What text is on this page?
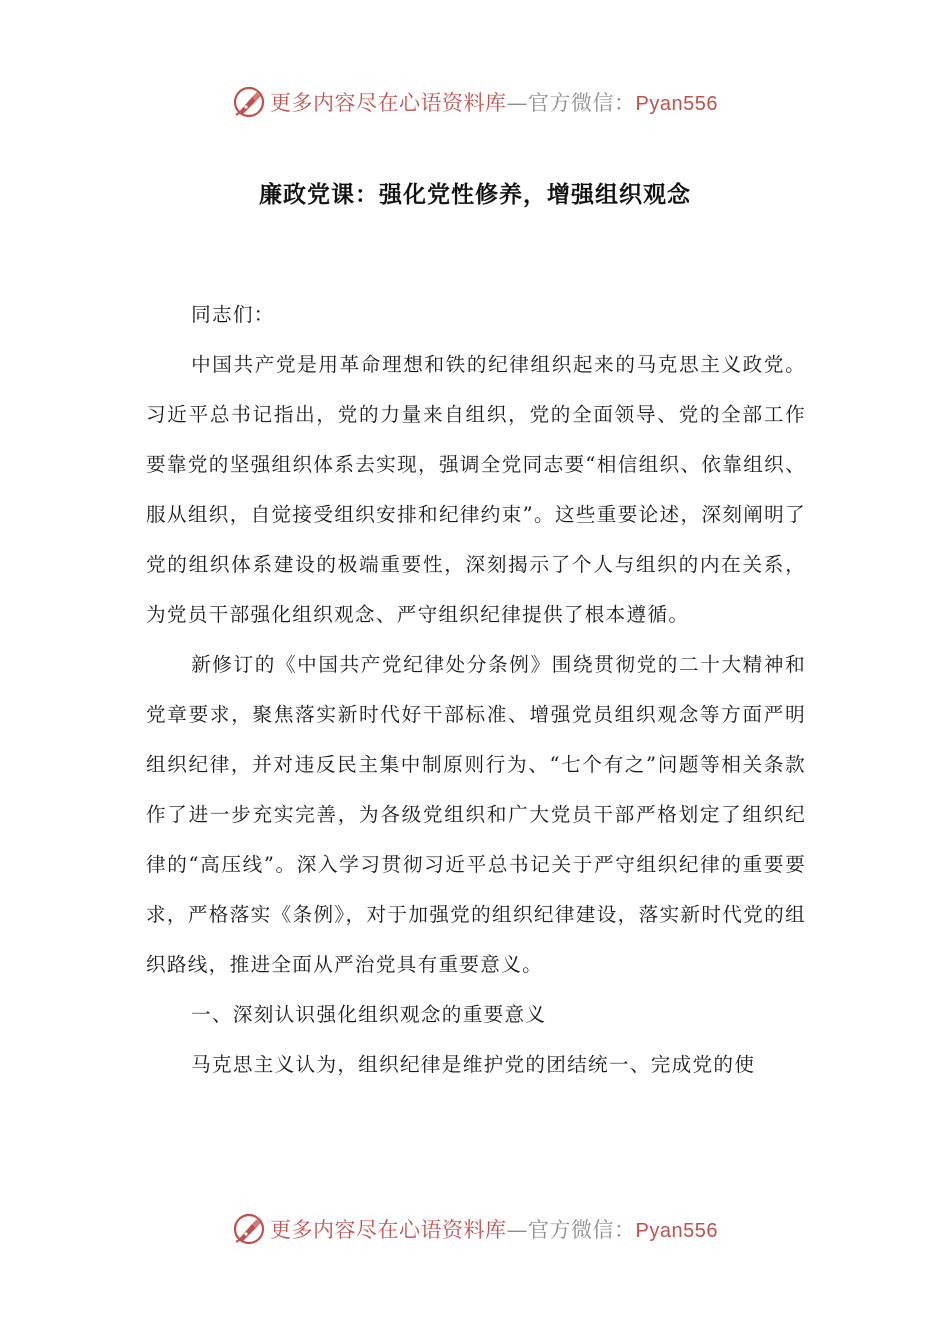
更多内容尽在心语资料库—官方微信：Pyan556
廉政党课：强化党性修养，增强组织观念

同志们：

中国共产党是用革命理想和铁的纪律组织起来的马克思主义政党。习近平总书记指出，党的力量来自组织，党的全面领导、党的全部工作要靠党的坚强组织体系去实现，强调全党同志要“相信组织、依靠组织、服从组织，自觉接受组织安排和纪律约束”。这些重要论述，深刻阐明了党的组织体系建设的极端重要性，深刻揭示了个人与组织的内在关系，为党员干部强化组织观念、严守组织纪律提供了根本遵循。

新修订的《中国共产党纪律处分条例》围绕贯彻党的二十大精神和党章要求，聚焦落实新时代好干部标准、增强党员组织观念等方面严明组织纪律，并对违反民主集中制原则行为、“七个有之”问题等相关条款作了进一步充实完善，为各级党组织和广大党员干部严格划定了组织纪律的“高压线”。深入学习贯彻习近平总书记关于严守组织纪律的重要要求，严格落实《条例》，对于加强党的组织纪律建设，落实新时代党的组织路线，推进全面从严治党具有重要意义。

一、深刻认识强化组织观念的重要意义

马克思主义认为，组织纪律是维护党的团结统一、完成党的使

更多内容尽在心语资料库—官方微信：Pyan556
